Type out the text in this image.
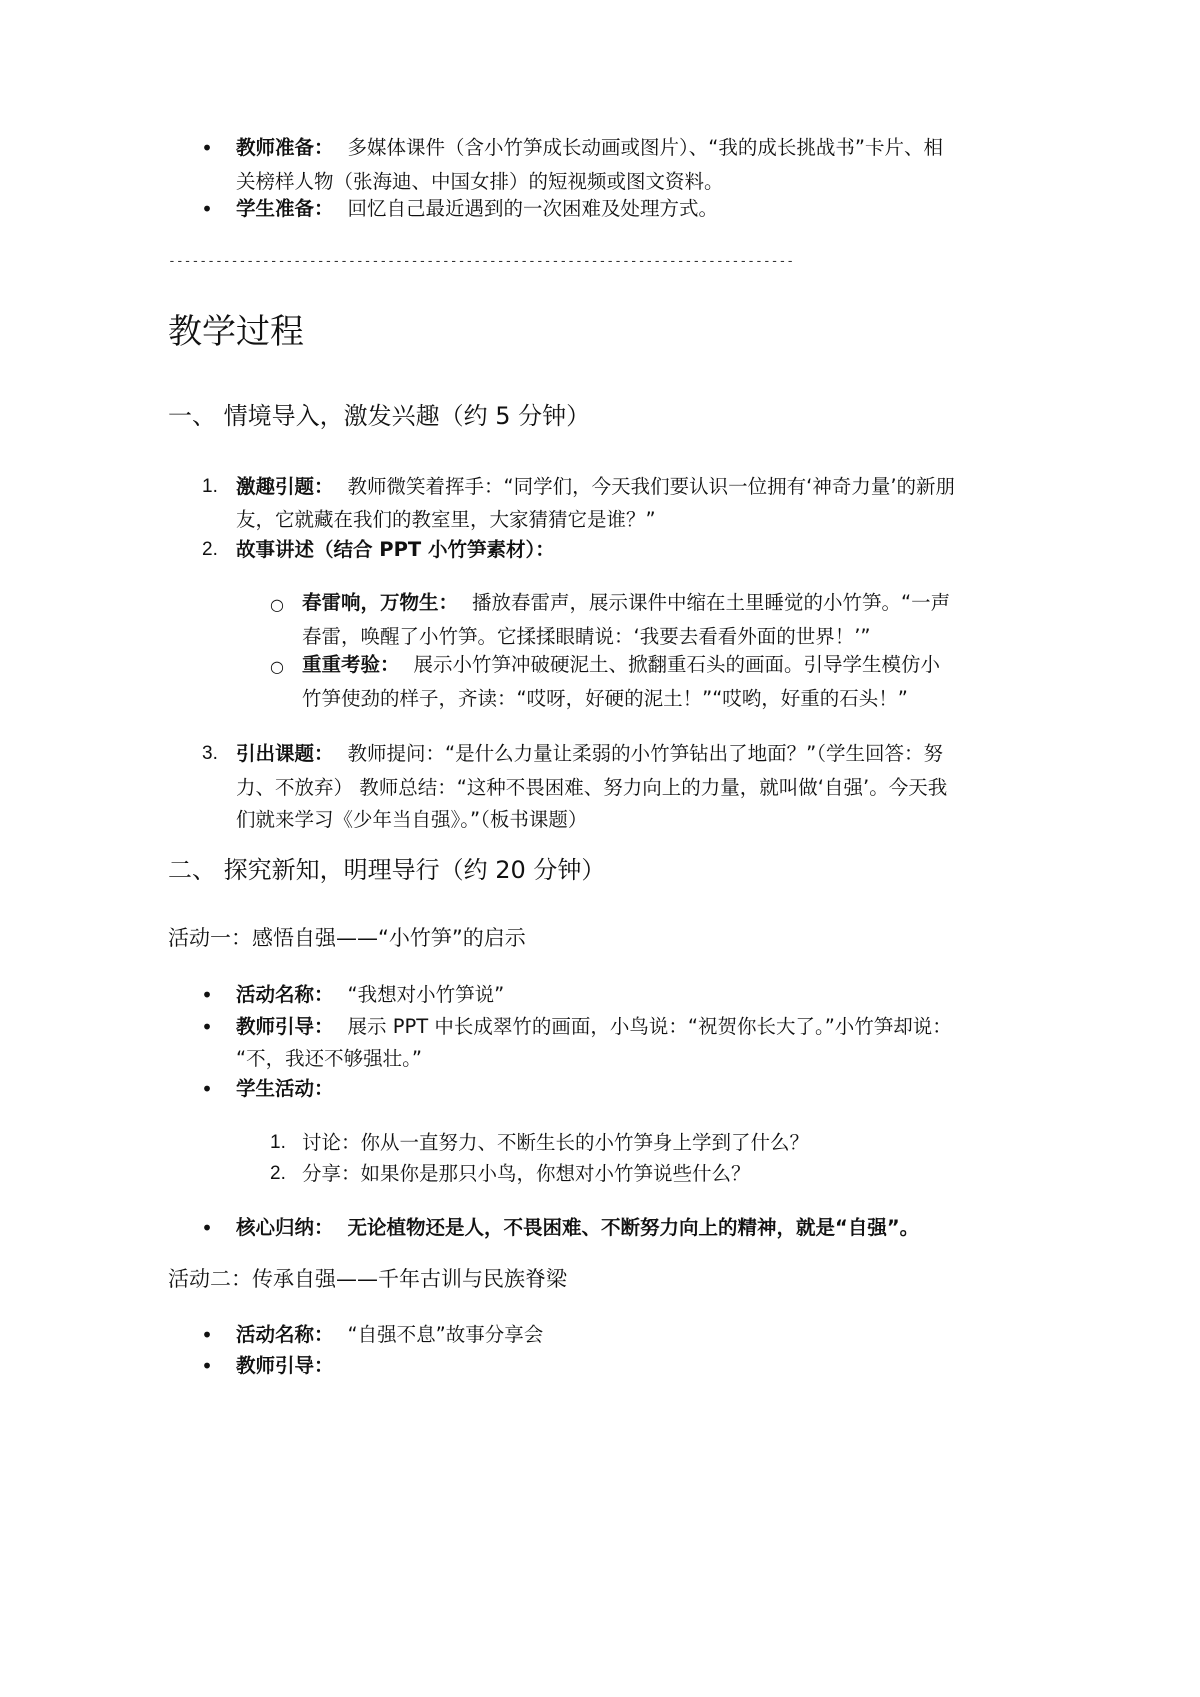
• 教师准备： 多媒体课件（含小竹笋成长动画或图片）、“我的成长挑战书”卡片、相
关榜样人物（张海迪、中国女排）的短视频或图文资料。
• 学生准备： 回忆自己最近遇到的一次困难及处理方式。
--------------------------------------------------------------------------------
教学过程
一、 情境导入，激发兴趣（约 5 分钟）
1. 激趣引题： 教师微笑着挥手：“同学们，今天我们要认识一位拥有‘神奇力量’的新朋
友，它就藏在我们的教室里，大家猜猜它是谁？”
2. 故事讲述（结合 PPT 小竹笋素材）：
○ 春雷响，万物生： 播放春雷声，展示课件中缩在土里睡觉的小竹笋。“一声
春雷，唤醒了小竹笋。它揉揉眼睛说：‘我要去看看外面的世界！’”
○ 重重考验： 展示小竹笋冲破硬泥土、掀翻重石头的画面。引导学生模仿小
竹笋使劲的样子，齐读：“哎呀，好硬的泥土！”“哎哟，好重的石头！”
3. 引出课题： 教师提问：“是什么力量让柔弱的小竹笋钻出了地面？”（学生回答：努
力、不放弃） 教师总结：“这种不畏困难、努力向上的力量，就叫做‘自强’。今天我
们就来学习《少年当自强》。”（板书课题）
二、 探究新知，明理导行（约 20 分钟）
活动一：感悟自强——“小竹笋”的启示
• 活动名称： “我想对小竹笋说”
• 教师引导： 展示 PPT 中长成翠竹的画面，小鸟说：“祝贺你长大了。”小竹笋却说：
“不，我还不够强壮。”
• 学生活动：
1. 讨论：你从一直努力、不断生长的小竹笋身上学到了什么？
2. 分享：如果你是那只小鸟，你想对小竹笋说些什么？
• 核心归纳： 无论植物还是人，不畏困难、不断努力向上的精神，就是“自强”。
活动二：传承自强——千年古训与民族脊梁
• 活动名称： “自强不息”故事分享会
• 教师引导：
